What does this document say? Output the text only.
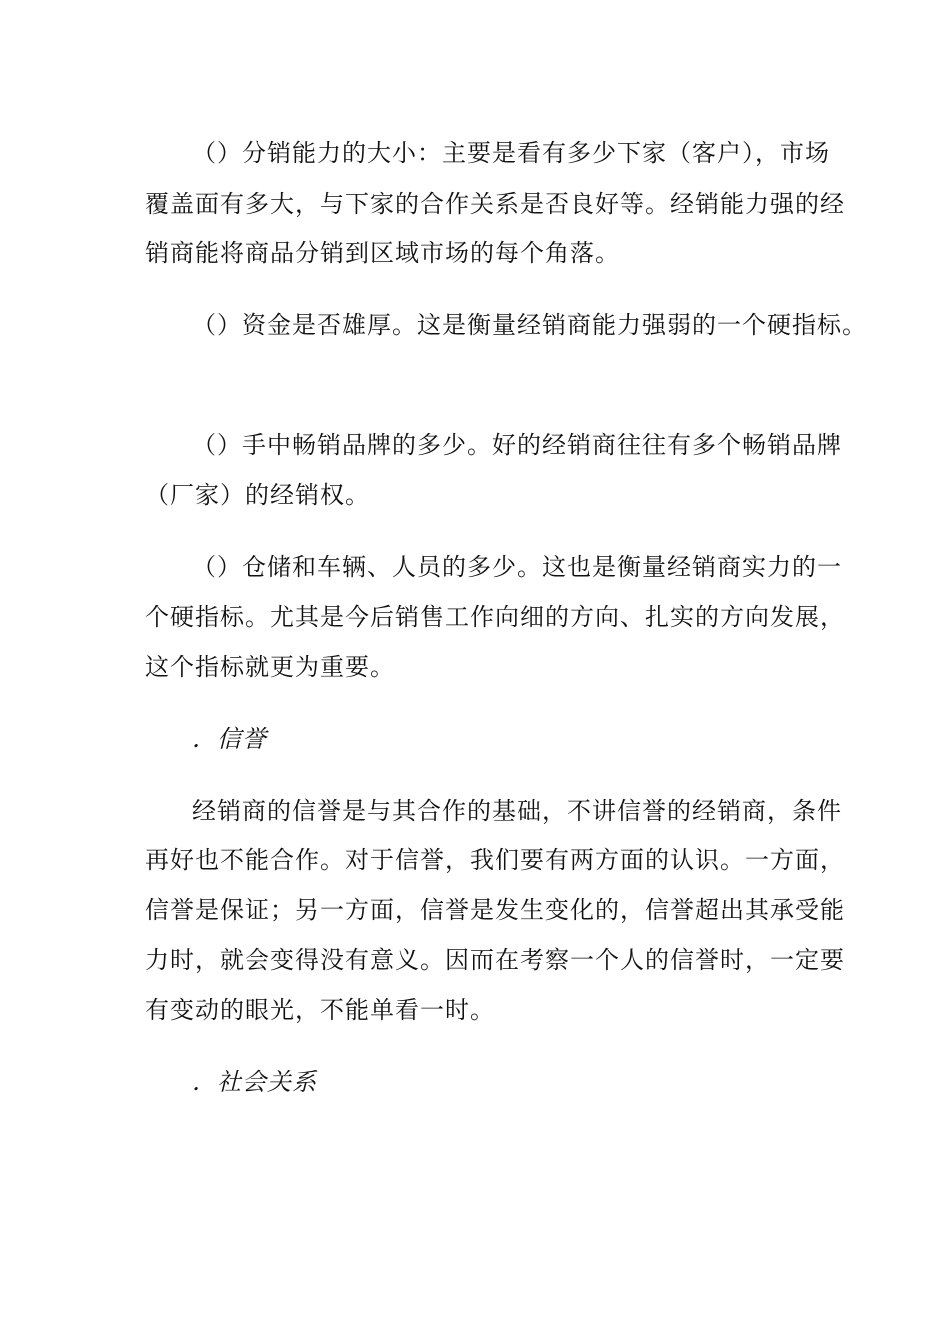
（）分销能力的大小：主要是看有多少下家（客户），市场
覆盖面有多大，与下家的合作关系是否良好等。经销能力强的经
销商能将商品分销到区域市场的每个角落。
（）资金是否雄厚。这是衡量经销商能力强弱的一个硬指标。
（）手中畅销品牌的多少。好的经销商往往有多个畅销品牌
（厂家）的经销权。
（）仓储和车辆、人员的多少。这也是衡量经销商实力的一
个硬指标。尤其是今后销售工作向细的方向、扎实的方向发展，
这个指标就更为重要。
．信誉
经销商的信誉是与其合作的基础，不讲信誉的经销商，条件
再好也不能合作。对于信誉，我们要有两方面的认识。一方面，
信誉是保证；另一方面，信誉是发生变化的，信誉超出其承受能
力时，就会变得没有意义。因而在考察一个人的信誉时，一定要
有变动的眼光，不能单看一时。
．社会关系
